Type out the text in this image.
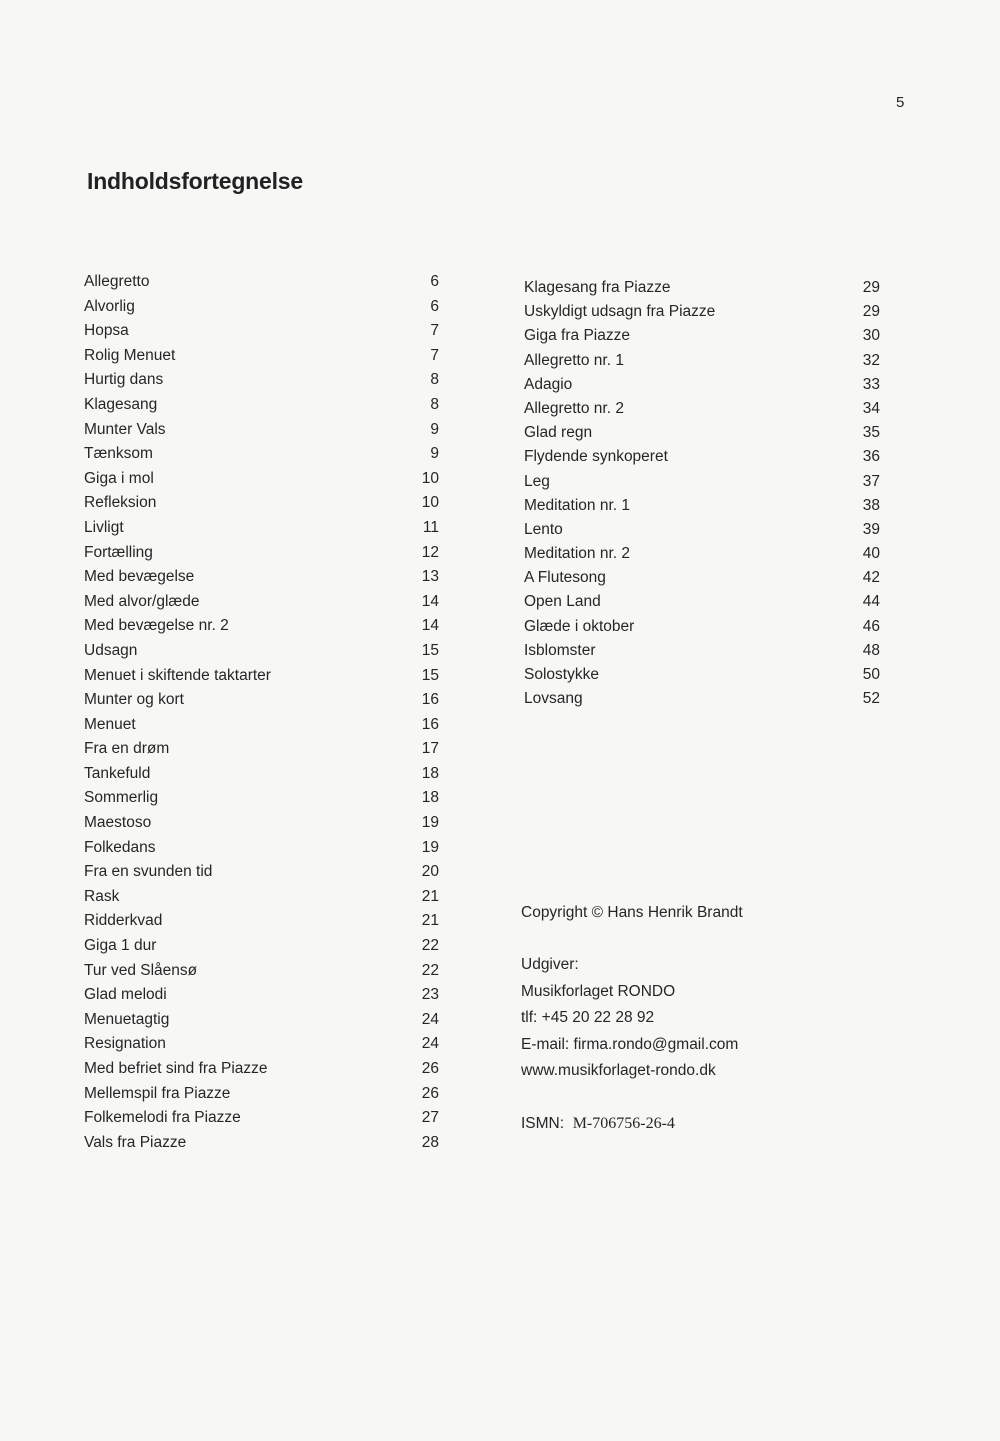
5
Indholdsfortegnelse
Allegretto	6
Alvorlig	6
Hopsa	7
Rolig Menuet	7
Hurtig dans	8
Klagesang	8
Munter Vals	9
Tænksom	9
Giga i mol	10
Refleksion	10
Livligt	11
Fortælling	12
Med bevægelse	13
Med alvor/glæde	14
Med bevægelse nr. 2	14
Udsagn	15
Menuet i skiftende taktarter	15
Munter og kort	16
Menuet	16
Fra en drøm	17
Tankefuld	18
Sommerlig	18
Maestoso	19
Folkedans	19
Fra en svunden tid	20
Rask	21
Ridderkvad	21
Giga 1 dur	22
Tur ved Slåensø	22
Glad melodi	23
Menuetagtig	24
Resignation	24
Med befriet sind fra Piazze	26
Mellemspil fra Piazze	26
Folkemelodi fra Piazze	27
Vals fra Piazze	28
Klagesang fra Piazze	29
Uskyldigt udsagn fra Piazze	29
Giga fra Piazze	30
Allegretto nr. 1	32
Adagio	33
Allegretto nr. 2	34
Glad regn	35
Flydende synkoperet	36
Leg	37
Meditation nr. 1	38
Lento	39
Meditation nr. 2	40
A Flutesong	42
Open Land	44
Glæde i oktober	46
Isblomster	48
Solostykke	50
Lovsang	52
Copyright © Hans Henrik Brandt
Udgiver:
Musikforlaget RONDO
tlf: +45 20 22 28 92
E-mail: firma.rondo@gmail.com
www.musikforlaget-rondo.dk
ISMN: M-706756-26-4
